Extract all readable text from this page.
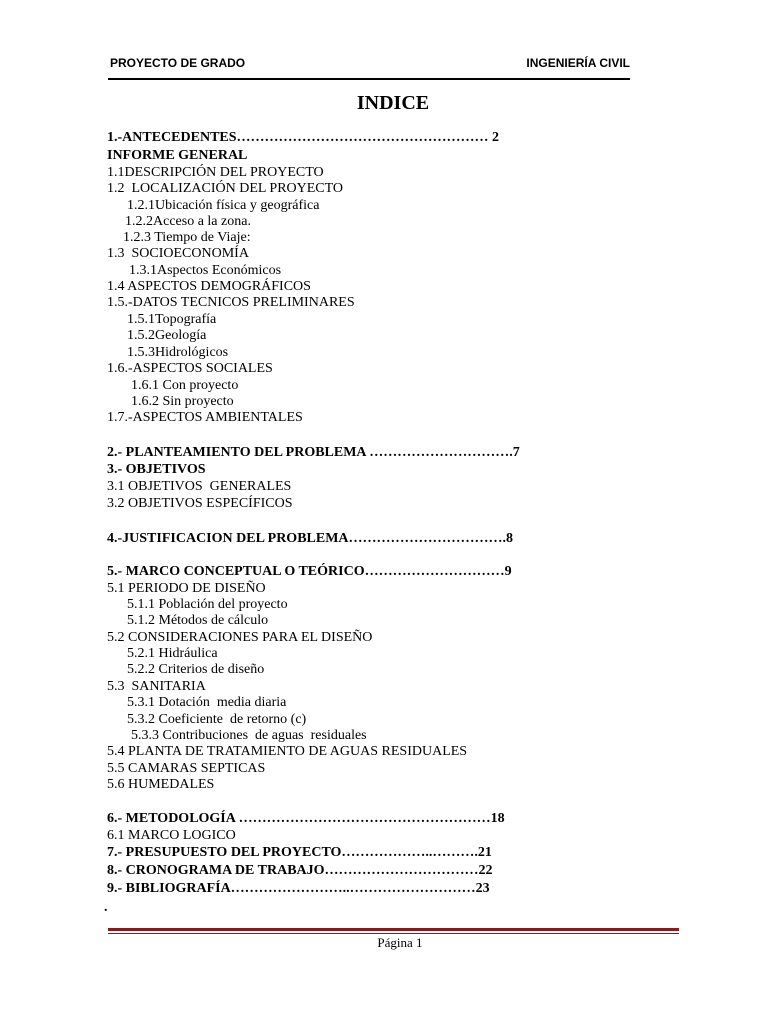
PROYECTO DE GRADO	INGENIERÍA CIVIL
INDICE
1.-ANTECEDENTES……………………………………………… 2
INFORME GENERAL
1.1DESCRIPCIÓN DEL PROYECTO
1.2  LOCALIZACIÓN DEL PROYECTO
1.2.1Ubicación física y geográfica
1.2.2Acceso a la zona.
1.2.3 Tiempo de Viaje:
1.3  SOCIOECONOMÍA
1.3.1Aspectos Económicos
1.4 ASPECTOS DEMOGRÁFICOS
1.5.-DATOS TECNICOS PRELIMINARES
1.5.1Topografía
1.5.2Geología
1.5.3Hidrológicos
1.6.-ASPECTOS SOCIALES
1.6.1 Con proyecto
1.6.2 Sin proyecto
1.7.-ASPECTOS AMBIENTALES
2.- PLANTEAMIENTO DEL PROBLEMA ………………………….7
3.- OBJETIVOS
3.1 OBJETIVOS  GENERALES
3.2 OBJETIVOS ESPECÍFICOS
4.-JUSTIFICACION DEL PROBLEMA…………………………….8
5.- MARCO CONCEPTUAL O TEÓRICO…………………………9
5.1 PERIODO DE DISEÑO
5.1.1 Población del proyecto
5.1.2 Métodos de cálculo
5.2 CONSIDERACIONES PARA EL DISEÑO
5.2.1 Hidráulica
5.2.2 Criterios de diseño
5.3  SANITARIA
5.3.1 Dotación  media diaria
5.3.2 Coeficiente  de retorno (c)
5.3.3 Contribuciones  de aguas  residuales
5.4 PLANTA DE TRATAMIENTO DE AGUAS RESIDUALES
5.5 CAMARAS SEPTICAS
5.6 HUMEDALES
6.- METODOLOGÍA ………………………………………………18
6.1 MARCO LOGICO
7.- PRESUPUESTO DEL PROYECTO………………..……….21
8.- CRONOGRAMA DE TRABAJO……………………………22
9.- BIBLIOGRAFÍA……………………..………………………23
.
Página 1
